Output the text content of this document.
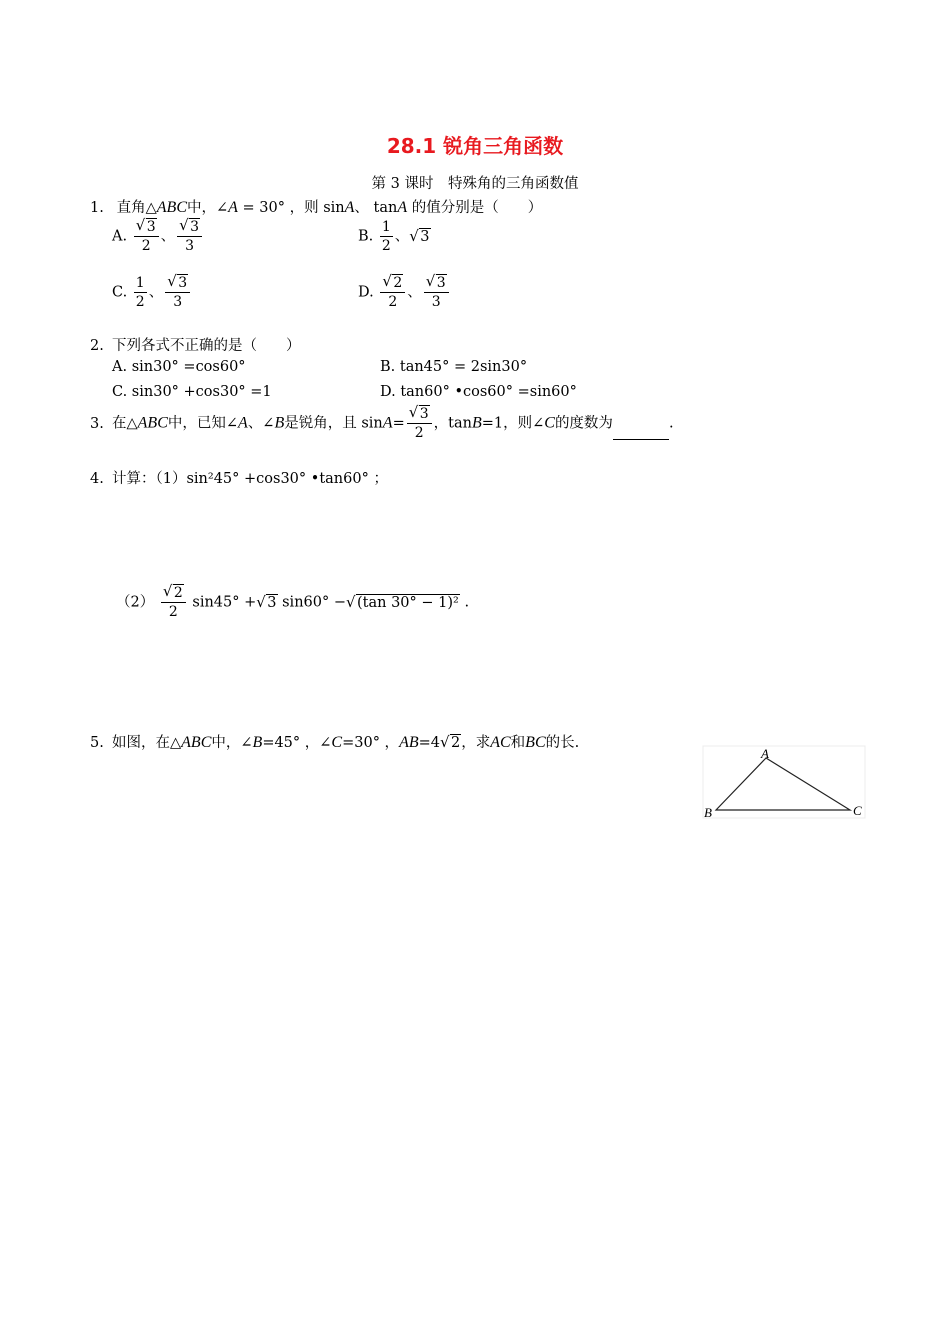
28.1 锐角三角函数
第 3 课时　特殊角的三角函数值
1. 直角△ABC中，∠A = 30° ，则 sinA、 tanA 的值分别是（　　）
A. $\frac{√ 3}{2}$ 、 $\frac{√ 3}{3}$	B. $\frac{1}{2}$ 、 √ 3
C. $\frac{1}{2}$ 、 $\frac{√ 3}{3}$	D. $\frac{√ 2}{2}$ 、 $\frac{√ 3}{3}$
2. 下列各式不正确的是（　　）
A. sin30° =cos60°	B. tan45° = 2sin30°
C. sin30° +cos30° =1	D. tan60° •cos60° =sin60°
3. 在△ABC中，已知∠A、∠B是锐角，且 $\sin A= \frac{√ 3}{2}$ ，tanB=1，则∠C的度数为	.
4. 计算：（1）sin²45° +cos30° •tan60° ；
$(2) \frac{√ 2}{2} \sin 45^\circ$ + √ 3 sin60° − √ (tan 30° − 1)² .
5. 如图，在△ABC中，∠B=45° ，∠C=30° ，AB=4 √ 2，求AC和BC的长.
A
B	C
